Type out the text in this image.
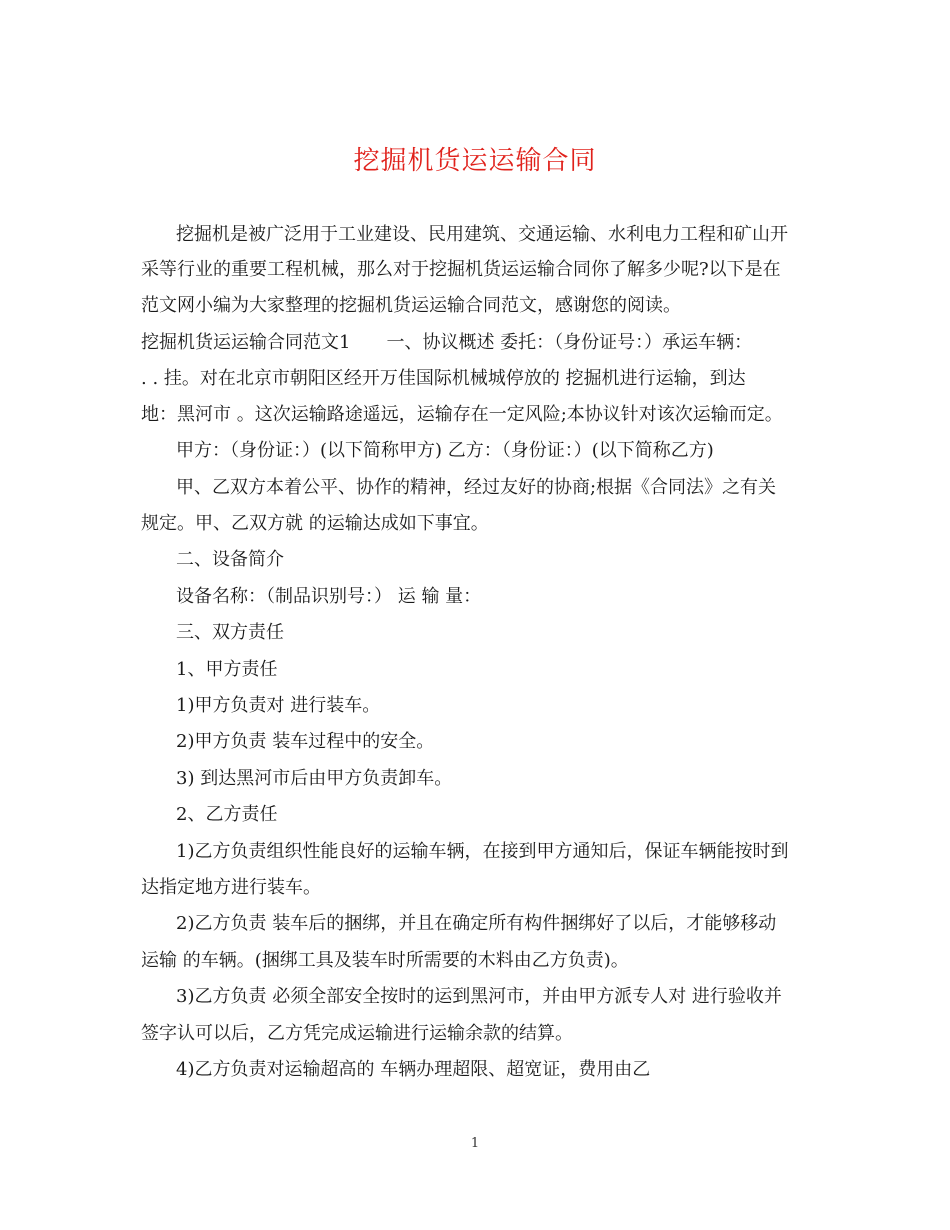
挖掘机货运运输合同
挖掘机是被广泛用于工业建设、民用建筑、交通运输、水利电力工程和矿山开
采等行业的重要工程机械，那么对于挖掘机货运运输合同你了解多少呢?以下是在
范文网小编为大家整理的挖掘机货运运输合同范文，感谢您的阅读。
挖掘机货运运输合同范文1　　一、协议概述 委托：（身份证号：）承运车辆：
. . 挂。对在北京市朝阳区经开万佳国际机械城停放的 挖掘机进行运输，到达
地：黑河市 。这次运输路途遥远，运输存在一定风险;本协议针对该次运输而定。
甲方：（身份证：）(以下简称甲方) 乙方：（身份证：）(以下简称乙方)
甲、乙双方本着公平、协作的精神，经过友好的协商;根据《合同法》之有关
规定。甲、乙双方就 的运输达成如下事宜。
二、设备简介
设备名称：（制品识别号：） 运 输 量：
三、双方责任
1、甲方责任
1)甲方负责对 进行装车。
2)甲方负责 装车过程中的安全。
3) 到达黑河市后由甲方负责卸车。
2、乙方责任
1)乙方负责组织性能良好的运输车辆，在接到甲方通知后，保证车辆能按时到
达指定地方进行装车。
2)乙方负责 装车后的捆绑，并且在确定所有构件捆绑好了以后，才能够移动
运输 的车辆。(捆绑工具及装车时所需要的木料由乙方负责)。
3)乙方负责 必须全部安全按时的运到黑河市，并由甲方派专人对 进行验收并
签字认可以后，乙方凭完成运输进行运输余款的结算。
4)乙方负责对运输超高的 车辆办理超限、超宽证，费用由乙
1
